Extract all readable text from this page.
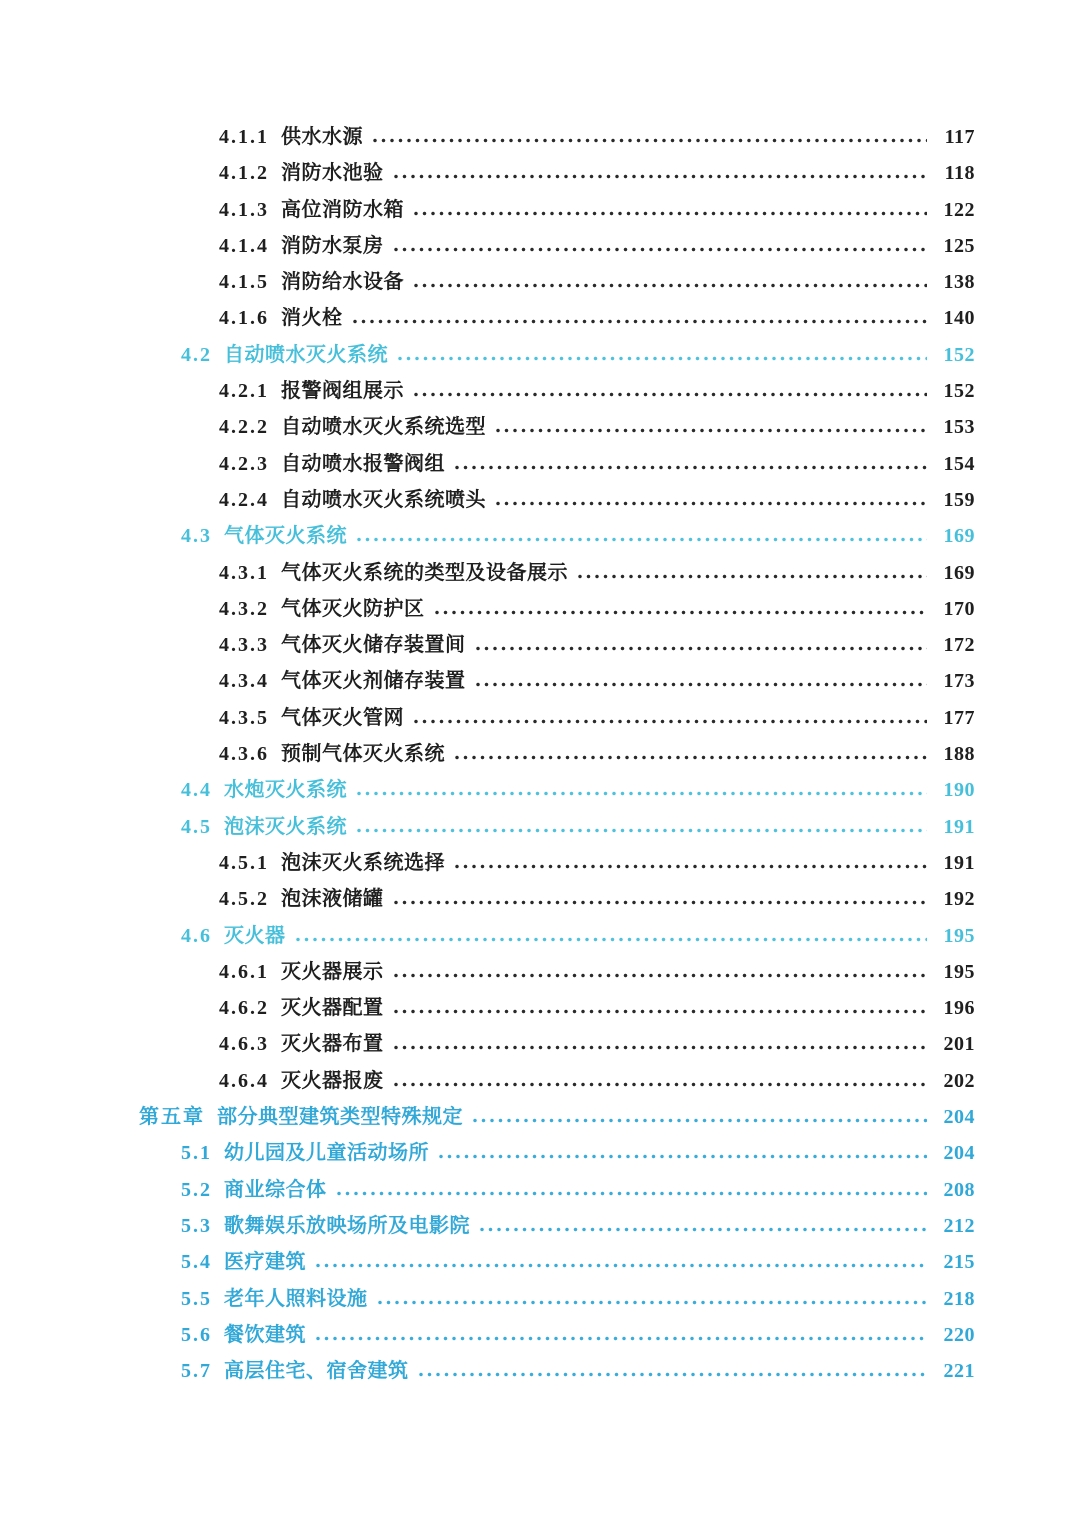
4.1.1 供水水源	117
4.1.2 消防水池验	118
4.1.3 高位消防水箱	122
4.1.4 消防水泵房	125
4.1.5 消防给水设备	138
4.1.6 消火栓	140
4.2 自动喷水灭火系统	152
4.2.1 报警阀组展示	152
4.2.2 自动喷水灭火系统选型	153
4.2.3 自动喷水报警阀组	154
4.2.4 自动喷水灭火系统喷头	159
4.3 气体灭火系统	169
4.3.1 气体灭火系统的类型及设备展示	169
4.3.2 气体灭火防护区	170
4.3.3 气体灭火储存装置间	172
4.3.4 气体灭火剂储存装置	173
4.3.5 气体灭火管网	177
4.3.6 预制气体灭火系统	188
4.4 水炮灭火系统	190
4.5 泡沫灭火系统	191
4.5.1 泡沫灭火系统选择	191
4.5.2 泡沫液储罐	192
4.6 灭火器	195
4.6.1 灭火器展示	195
4.6.2 灭火器配置	196
4.6.3 灭火器布置	201
4.6.4 灭火器报废	202
第五章 部分典型建筑类型特殊规定	204
5.1 幼儿园及儿童活动场所	204
5.2 商业综合体	208
5.3 歌舞娱乐放映场所及电影院	212
5.4 医疗建筑	215
5.5 老年人照料设施	218
5.6 餐饮建筑	220
5.7 高层住宅、宿舍建筑	221
